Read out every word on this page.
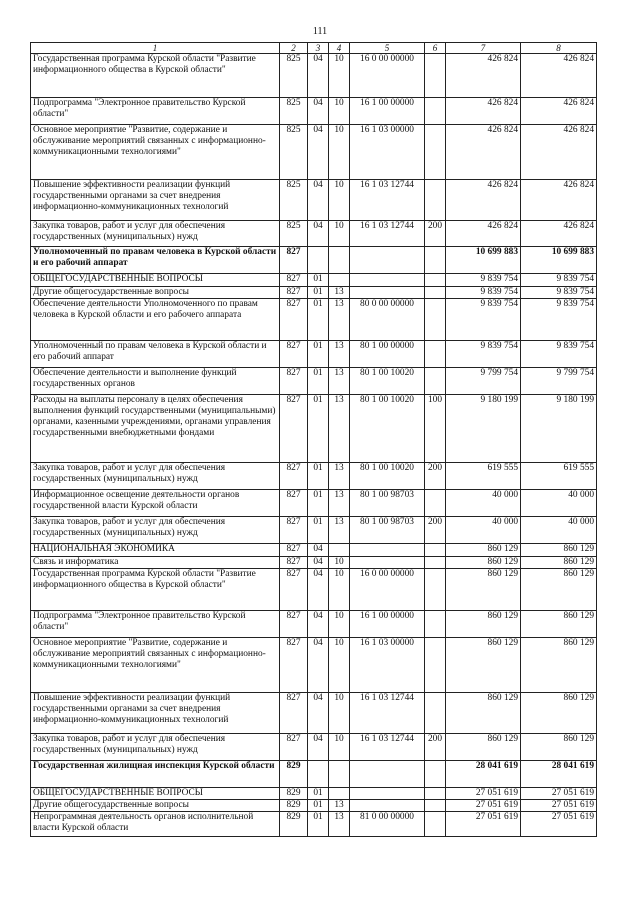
111
1	2	3	4	5	6	7	8
Государственная программа Курской области "Развитие информационного общества в Курской области"	825	04	10	16 0 00 00000		426 824	426 824
Подпрограмма "Электронное правительство Курской области"	825	04	10	16 1 00 00000		426 824	426 824
Основное мероприятие "Развитие, содержание и обслуживание мероприятий связанных с информационно-коммуникационными технологиями"	825	04	10	16 1 03 00000		426 824	426 824
Повышение эффективности реализации функций государственными органами за счет внедрения информационно-коммуникационных технологий	825	04	10	16 1 03 12744		426 824	426 824
Закупка товаров, работ и услуг для обеспечения государственных (муниципальных) нужд	825	04	10	16 1 03 12744	200	426 824	426 824
Уполномоченный по правам человека в Курской области и его рабочий аппарат	827					10 699 883	10 699 883
ОБЩЕГОСУДАРСТВЕННЫЕ ВОПРОСЫ	827	01				9 839 754	9 839 754
Другие общегосударственные вопросы	827	01	13			9 839 754	9 839 754
Обеспечение деятельности Уполномоченного по правам человека в Курской области и его рабочего аппарата	827	01	13	80 0 00 00000		9 839 754	9 839 754
Уполномоченный по правам человека в Курской области и его рабочий аппарат	827	01	13	80 1 00 00000		9 839 754	9 839 754
Обеспечение деятельности и выполнение функций государственных органов	827	01	13	80 1 00 10020		9 799 754	9 799 754
Расходы на выплаты персоналу в целях обеспечения выполнения функций государственными (муниципальными) органами, казенными учреждениями, органами управления государственными внебюджетными фондами	827	01	13	80 1 00 10020	100	9 180 199	9 180 199
Закупка товаров, работ и услуг для обеспечения государственных (муниципальных) нужд	827	01	13	80 1 00 10020	200	619 555	619 555
Информационное освещение деятельности органов государственной власти Курской области	827	01	13	80 1 00 98703		40 000	40 000
Закупка товаров, работ и услуг для обеспечения государственных (муниципальных) нужд	827	01	13	80 1 00 98703	200	40 000	40 000
НАЦИОНАЛЬНАЯ ЭКОНОМИКА	827	04				860 129	860 129
Связь и информатика	827	04	10			860 129	860 129
Государственная программа Курской области "Развитие информационного общества в Курской области"	827	04	10	16 0 00 00000		860 129	860 129
Подпрограмма "Электронное правительство Курской области"	827	04	10	16 1 00 00000		860 129	860 129
Основное мероприятие "Развитие, содержание и обслуживание мероприятий связанных с информационно-коммуникационными технологиями"	827	04	10	16 1 03 00000		860 129	860 129
Повышение эффективности реализации функций государственными органами за счет внедрения информационно-коммуникационных технологий	827	04	10	16 1 03 12744		860 129	860 129
Закупка товаров, работ и услуг для обеспечения государственных (муниципальных) нужд	827	04	10	16 1 03 12744	200	860 129	860 129
Государственная жилищная инспекция Курской области	829					28 041 619	28 041 619
ОБЩЕГОСУДАРСТВЕННЫЕ ВОПРОСЫ	829	01				27 051 619	27 051 619
Другие общегосударственные вопросы	829	01	13			27 051 619	27 051 619
Непрограммная деятельность органов исполнительной власти Курской области	829	01	13	81 0 00 00000		27 051 619	27 051 619
